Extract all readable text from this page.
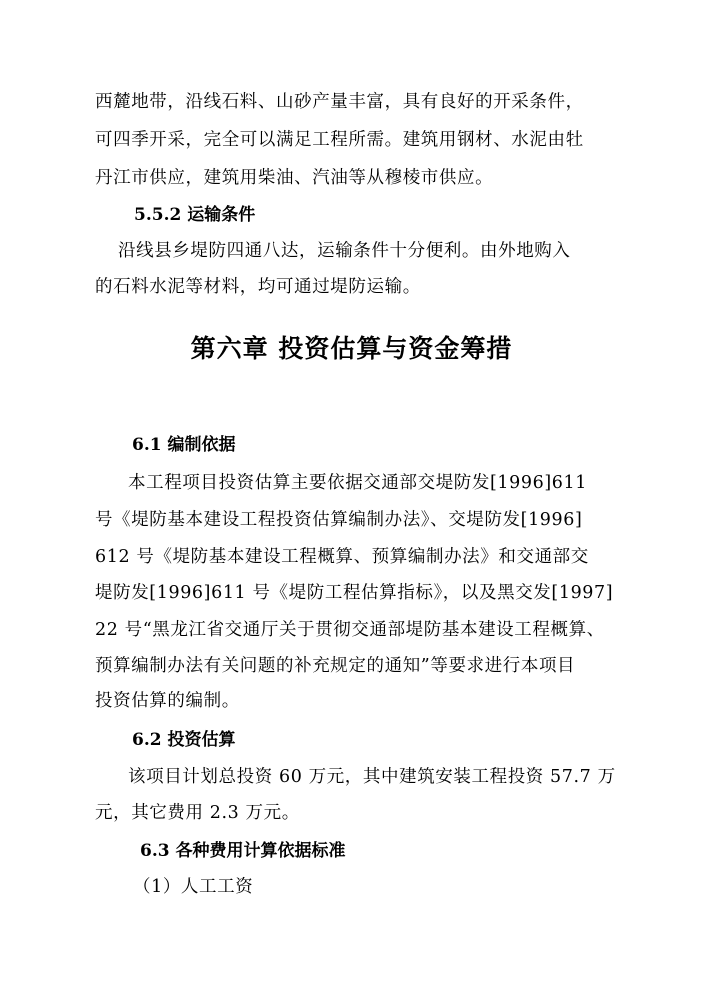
西麓地带，沿线石料、山砂产量丰富，具有良好的开采条件，
可四季开采，完全可以满足工程所需。建筑用钢材、水泥由牡
丹江市供应，建筑用柴油、汽油等从穆棱市供应。
5.5.2 运输条件
沿线县乡堤防四通八达，运输条件十分便利。由外地购入
的石料水泥等材料，均可通过堤防运输。
第六章 投资估算与资金筹措
6.1 编制依据
本工程项目投资估算主要依据交通部交堤防发[1996]611
号《堤防基本建设工程投资估算编制办法》、交堤防发[1996]
612 号《堤防基本建设工程概算、预算编制办法》和交通部交
堤防发[1996]611 号《堤防工程估算指标》，以及黑交发[1997]
22 号“黑龙江省交通厅关于贯彻交通部堤防基本建设工程概算、
预算编制办法有关问题的补充规定的通知”等要求进行本项目
投资估算的编制。
6.2 投资估算
该项目计划总投资 60 万元，其中建筑安装工程投资 57.7 万
元，其它费用 2.3 万元。
6.3 各种费用计算依据标准
（1）人工工资
